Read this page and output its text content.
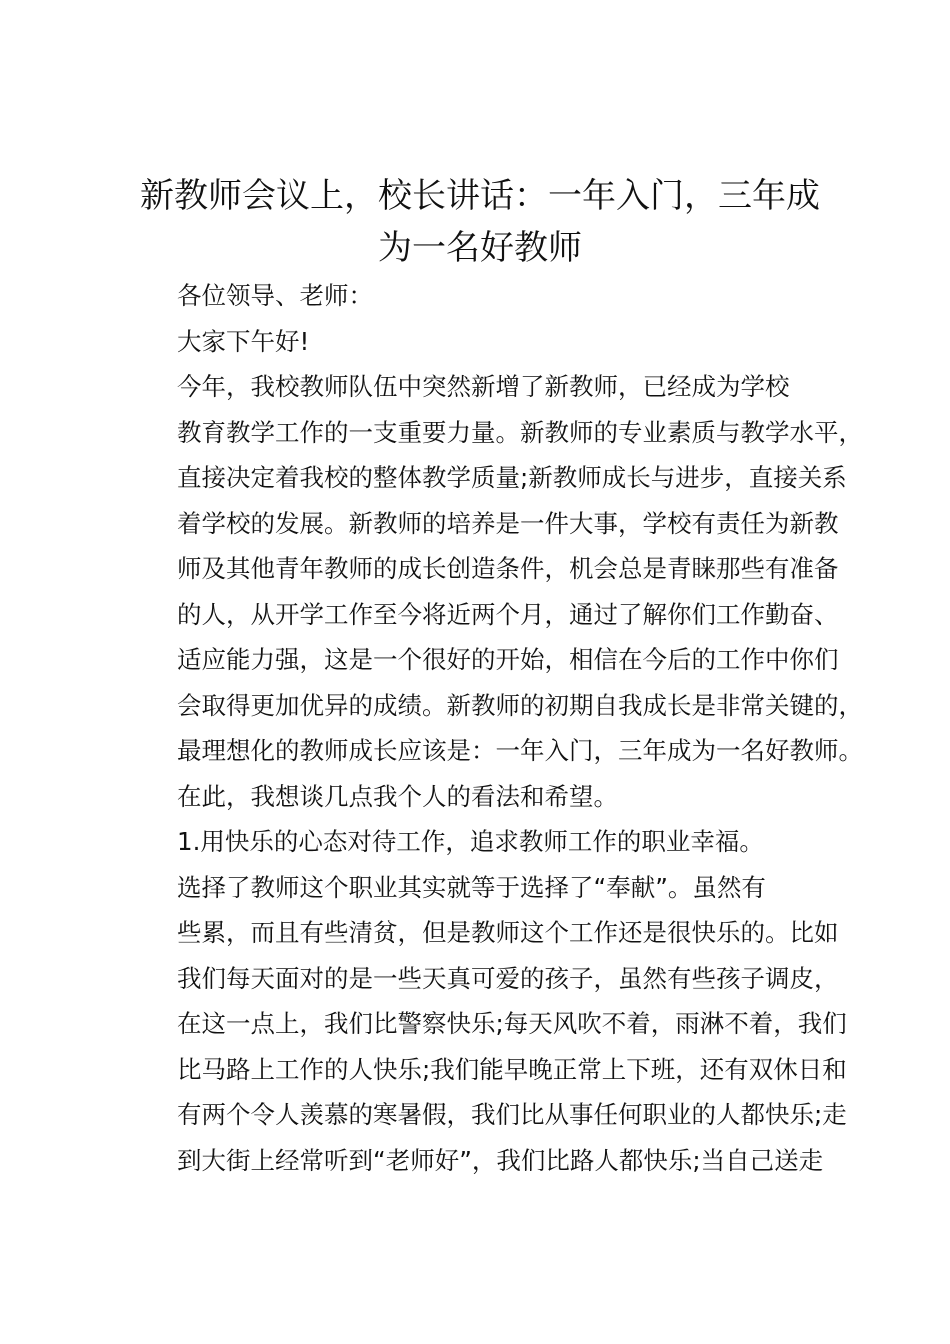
新教师会议上，校长讲话：一年入门，三年成
为一名好教师

各位领导、老师：

大家下午好!

今年，我校教师队伍中突然新增了新教师，已经成为学校
教育教学工作的一支重要力量。新教师的专业素质与教学水平，
直接决定着我校的整体教学质量;新教师成长与进步，直接关系
着学校的发展。新教师的培养是一件大事，学校有责任为新教
师及其他青年教师的成长创造条件，机会总是青睐那些有准备
的人，从开学工作至今将近两个月，通过了解你们工作勤奋、
适应能力强，这是一个很好的开始，相信在今后的工作中你们
会取得更加优异的成绩。新教师的初期自我成长是非常关键的，
最理想化的教师成长应该是：一年入门，三年成为一名好教师。
在此，我想谈几点我个人的看法和希望。

1.用快乐的心态对待工作，追求教师工作的职业幸福。

选择了教师这个职业其实就等于选择了“奉献”。虽然有
些累，而且有些清贫，但是教师这个工作还是很快乐的。比如
我们每天面对的是一些天真可爱的孩子，虽然有些孩子调皮，
在这一点上，我们比警察快乐;每天风吹不着，雨淋不着，我们
比马路上工作的人快乐;我们能早晚正常上下班，还有双休日和
有两个令人羡慕的寒暑假，我们比从事任何职业的人都快乐;走
到大街上经常听到“老师好”，我们比路人都快乐;当自己送走
